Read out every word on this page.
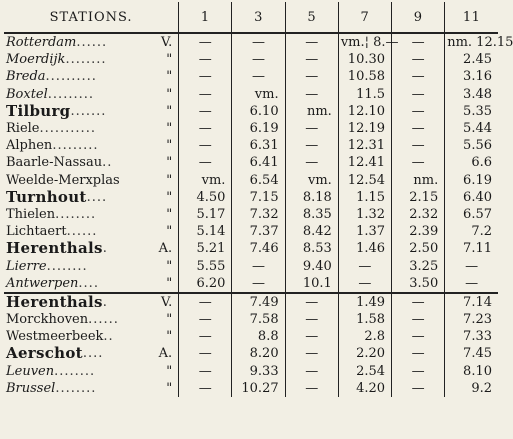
STATIONS.	1	3	5	7	9	11

Rotterdam ...... V.	—	—	—	vm.¦ 8.—	—	nm. 12.15

Moerdijk ........ "	—	—	—	10.30	—	2.45

Breda .......... "	—	—	—	10.58	—	3.16

Boxtel ......... "	—	vm.	—	11.5	—	3.48

Tilburg ....... "	—	6.10	nm.	12.10	—	5.35

Riele ........... "	—	6.19	—	12.19	—	5.44

Alphen ......... "	—	6.31	—	12.31	—	5.56

Baarle-Nassau .. "	—	6.41	—	12.41	—	6.6

Weelde-Merxplas "	vm.	6.54	vm.	12.54	nm.	6.19

Turnhout .... "	4.50	7.15	8.18	1.15	2.15	6.40

Thielen ........ "	5.17	7.32	8.35	1.32	2.32	6.57

Lichtaert ...... "	5.14	7.37	8.42	1.37	2.39	7.2

Herenthals . A.	5.21	7.46	8.53	1.46	2.50	7.11

Lierre ........ "	5.55	—	9.40	—	3.25	—

Antwerpen .... "	6.20	—	10.1	—	3.50	—

Herenthals . V.	—	7.49	—	1.49	—	7.14

Morckhoven ...... "	—	7.58	—	1.58	—	7.23

Westmeerbeek .. "	—	8.8	—	2.8	—	7.33

Aerschot .... A.	—	8.20	—	2.20	—	7.45

Leuven ........ "	—	9.33	—	2.54	—	8.10

Brussel ........ "	—	10.27	—	4.20	—	9.2
